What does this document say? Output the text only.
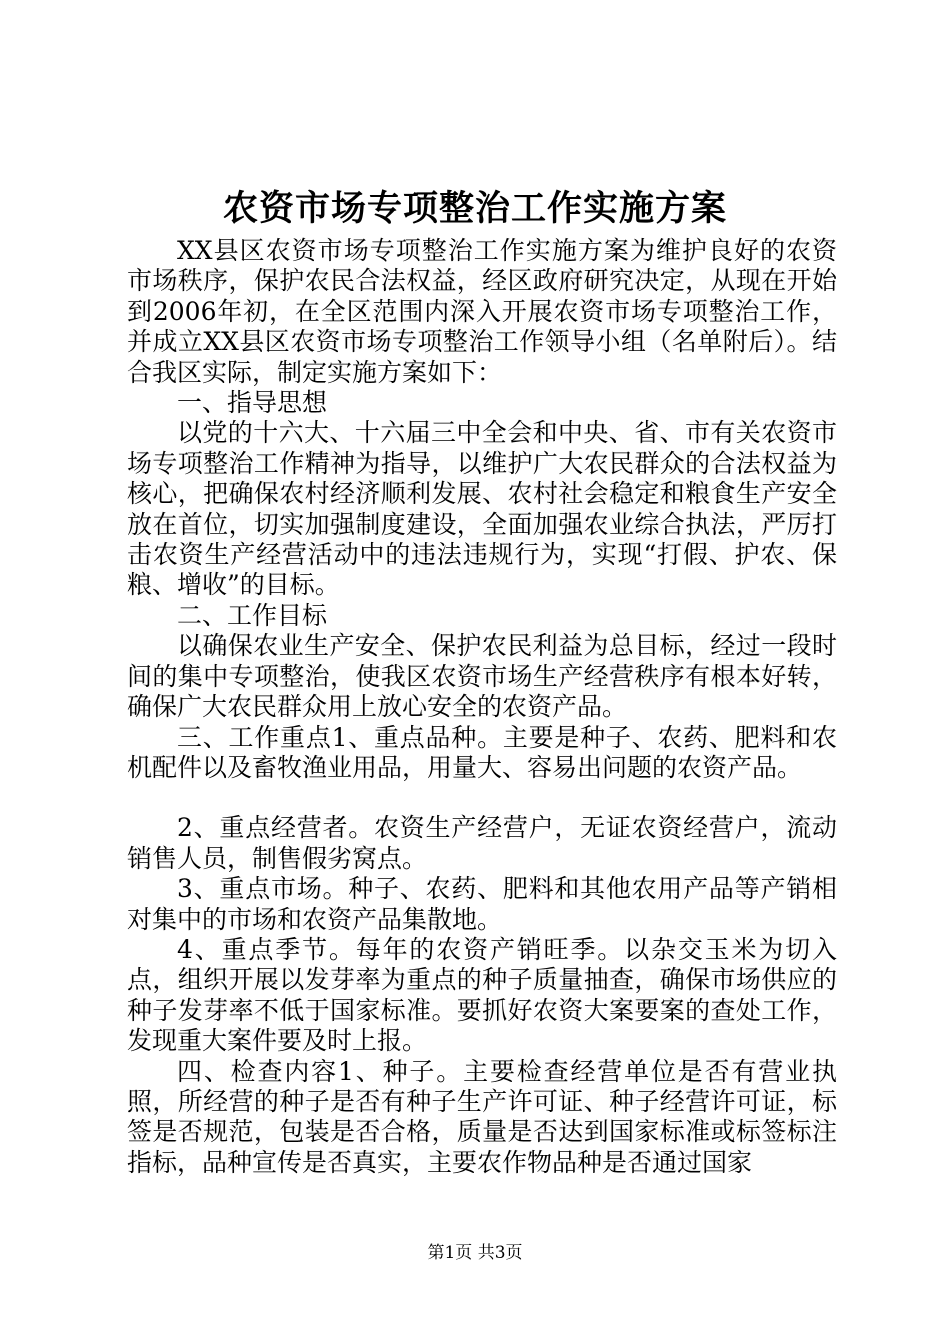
农资市场专项整治工作实施方案

XX县区农资市场专项整治工作实施方案为维护良好的农资市场秩序，保护农民合法权益，经区政府研究决定，从现在开始到2006年初，在全区范围内深入开展农资市场专项整治工作，并成立XX县区农资市场专项整治工作领导小组（名单附后）。结合我区实际，制定实施方案如下：

一、指导思想

以党的十六大、十六届三中全会和中央、省、市有关农资市场专项整治工作精神为指导，以维护广大农民群众的合法权益为核心，把确保农村经济顺利发展、农村社会稳定和粮食生产安全放在首位，切实加强制度建设，全面加强农业综合执法，严厉打击农资生产经营活动中的违法违规行为，实现“打假、护农、保粮、增收”的目标。

二、工作目标

以确保农业生产安全、保护农民利益为总目标，经过一段时间的集中专项整治，使我区农资市场生产经营秩序有根本好转，确保广大农民群众用上放心安全的农资产品。

三、工作重点1、重点品种。主要是种子、农药、肥料和农机配件以及畜牧渔业用品，用量大、容易出问题的农资产品。

2、重点经营者。农资生产经营户，无证农资经营户，流动销售人员，制售假劣窝点。

3、重点市场。种子、农药、肥料和其他农用产品等产销相对集中的市场和农资产品集散地。

4、重点季节。每年的农资产销旺季。以杂交玉米为切入点，组织开展以发芽率为重点的种子质量抽查，确保市场供应的种子发芽率不低于国家标准。要抓好农资大案要案的查处工作，发现重大案件要及时上报。

四、检查内容1、种子。主要检查经营单位是否有营业执照，所经营的种子是否有种子生产许可证、种子经营许可证，标签是否规范，包装是否合格，质量是否达到国家标准或标签标注指标，品种宣传是否真实，主要农作物品种是否通过国家

第1页 共3页
